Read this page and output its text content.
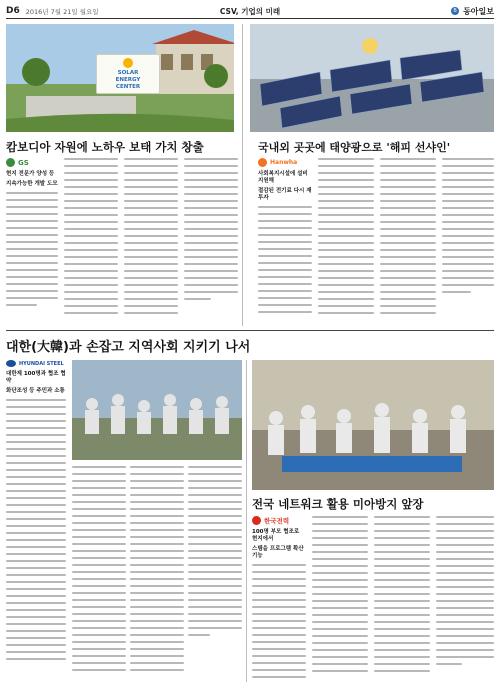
D6 2016년 7월 21일 월요일	CSV, 기업의 미래	B 동아일보
SOLAR
ENERGY
CENTER
캄보디아 자원에 노하우 보태 가치 창출	국내외 곳곳에 태양광으로 '해피 선샤인'
GS
현지 전문가 양성 등
지속가능한 개발 도모
Hanwha
사회복지시설에 설비 지원해
절감된 전기료 다시 재투자
대한(大韓)과 손잡고 지역사회 지키기 나서
HYUNDAI STEEL
대한제 100명과 협조 협약
화단조성 등 주민과 소통
전국 네트워크 활용 미아방지 앞장
한국전력
100명 부모 협조로 현지에서
스템을 프로그램 확산 기능
